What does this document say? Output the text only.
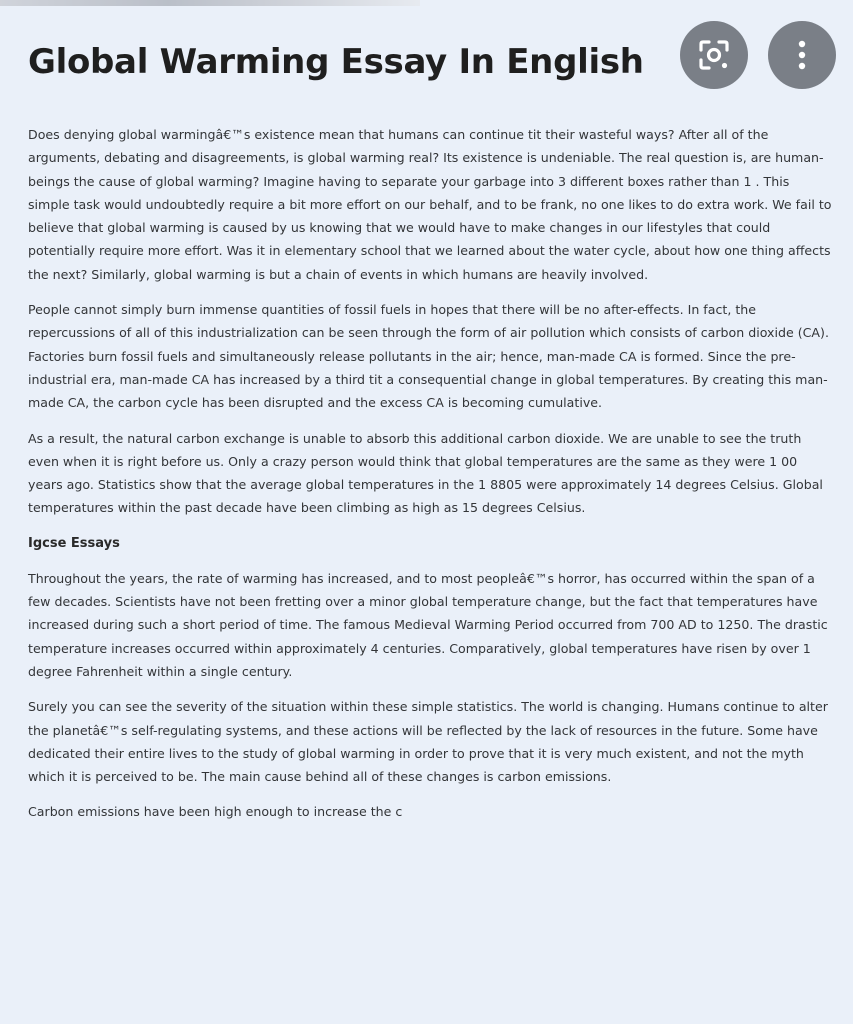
Global Warming Essay In English

Does denying global warmingâ€™s existence mean that humans can continue tit their wasteful ways? After all of the arguments, debating and disagreements, is global warming real? Its existence is undeniable. The real question is, are human-beings the cause of global warming? Imagine having to separate your garbage into 3 different boxes rather than 1 . This simple task would undoubtedly require a bit more effort on our behalf, and to be frank, no one likes to do extra work. We fail to believe that global warming is caused by us knowing that we would have to make changes in our lifestyles that could potentially require more effort. Was it in elementary school that we learned about the water cycle, about how one thing affects the next? Similarly, global warming is but a chain of events in which humans are heavily involved.

People cannot simply burn immense quantities of fossil fuels in hopes that there will be no after-effects. In fact, the repercussions of all of this industrialization can be seen through the form of air pollution which consists of carbon dioxide (CA). Factories burn fossil fuels and simultaneously release pollutants in the air; hence, man-made CA is formed. Since the pre-industrial era, man-made CA has increased by a third tit a consequential change in global temperatures. By creating this man- made CA, the carbon cycle has been disrupted and the excess CA is becoming cumulative.

As a result, the natural carbon exchange is unable to absorb this additional carbon dioxide. We are unable to see the truth even when it is right before us. Only a crazy person would think that global temperatures are the same as they were 1 00 years ago. Statistics show that the average global temperatures in the 1 8805 were approximately 14 degrees Celsius. Global temperatures within the past decade have been climbing as high as 15 degrees Celsius.

Igcse Essays

Throughout the years, the rate of warming has increased, and to most peopleâ€™s horror, has occurred within the span of a few decades. Scientists have not been fretting over a minor global temperature change, but the fact that temperatures have increased during such a short period of time. The famous Medieval Warming Period occurred from 700 AD to 1250. The drastic temperature increases occurred within approximately 4 centuries. Comparatively, global temperatures have risen by over 1 degree Fahrenheit within a single century.

Surely you can see the severity of the situation within these simple statistics. The world is changing. Humans continue to alter the planetâ€™s self-regulating systems, and these actions will be reflected by the lack of resources in the future. Some have dedicated their entire lives to the study of global warming in order to prove that it is very much existent, and not the myth which it is perceived to be. The main cause behind all of these changes is carbon emissions.

Carbon emissions have been high enough to increase the c
